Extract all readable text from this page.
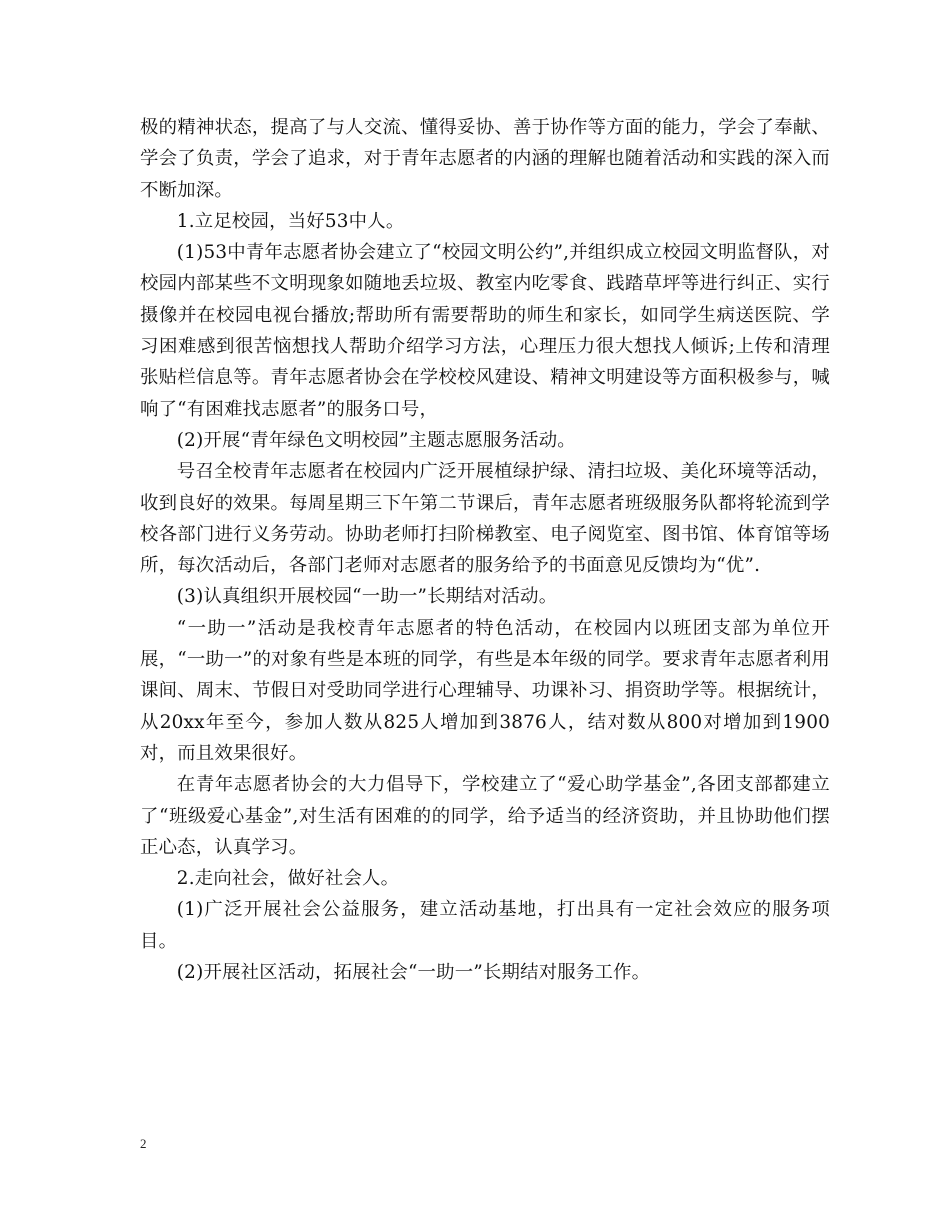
极的精神状态，提高了与人交流、懂得妥协、善于协作等方面的能力，学会了奉献、学会了负责，学会了追求，对于青年志愿者的内涵的理解也随着活动和实践的深入而不断加深。

1.立足校园，当好53中人。

(1)53中青年志愿者协会建立了“校园文明公约”,并组织成立校园文明监督队，对校园内部某些不文明现象如随地丢垃圾、教室内吃零食、践踏草坪等进行纠正、实行摄像并在校园电视台播放;帮助所有需要帮助的师生和家长，如同学生病送医院、学习困难感到很苦恼想找人帮助介绍学习方法，心理压力很大想找人倾诉;上传和清理张贴栏信息等。青年志愿者协会在学校校风建设、精神文明建设等方面积极参与，喊响了“有困难找志愿者”的服务口号，

(2)开展“青年绿色文明校园”主题志愿服务活动。

号召全校青年志愿者在校园内广泛开展植绿护绿、清扫垃圾、美化环境等活动，收到良好的效果。每周星期三下午第二节课后，青年志愿者班级服务队都将轮流到学校各部门进行义务劳动。协助老师打扫阶梯教室、电子阅览室、图书馆、体育馆等场所，每次活动后，各部门老师对志愿者的服务给予的书面意见反馈均为“优”.

(3)认真组织开展校园“一助一”长期结对活动。

“一助一”活动是我校青年志愿者的特色活动，在校园内以班团支部为单位开展，“一助一”的对象有些是本班的同学，有些是本年级的同学。要求青年志愿者利用课间、周末、节假日对受助同学进行心理辅导、功课补习、捐资助学等。根据统计，从20xx年至今，参加人数从825人增加到3876人，结对数从800对增加到1900对，而且效果很好。

在青年志愿者协会的大力倡导下，学校建立了“爱心助学基金”,各团支部都建立了“班级爱心基金”,对生活有困难的的同学，给予适当的经济资助，并且协助他们摆正心态，认真学习。

2.走向社会，做好社会人。

(1)广泛开展社会公益服务，建立活动基地，打出具有一定社会效应的服务项目。

(2)开展社区活动，拓展社会“一助一”长期结对服务工作。

2
